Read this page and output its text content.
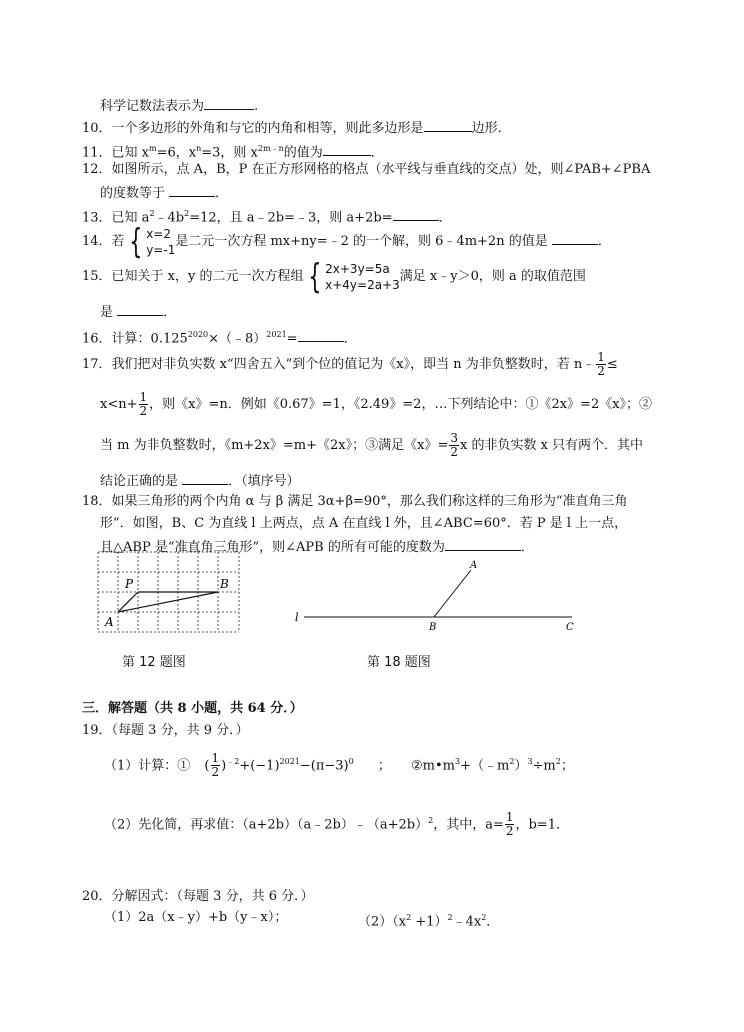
科学记数法表示为	.
10．一个多边形的外角和与它的内角和相等，则此多边形是	边形．
11．已知 $x^m=6$，$x^n=3$，则 $x^{2m﹣n}$的值为	．
12．如图所示，点 A，B，P 在正方形网格的格点（水平线与垂直线的交点）处，则∠PAB+∠PBA
的度数等于	．
13．已知 $a^2﹣4b^2=12$，且 a﹣2b=﹣3，则 a+2b=	．
14．若 { x=2
y=-1
是二元一次方程 mx+ny=﹣2 的一个解，则 6﹣4m+2n 的值是	．
15．已知关于 x，y 的二元一次方程组 { 2x+3y=5a
x+4y=2a+3
满足 x﹣y＞0，则 a 的取值范围
是	．
16．计算：$0.125^{2020}\times(﹣8)^{2021}=$	．
17．我们把对非负实数 x“四舍五入”到个位的值记为《x》，即当 n 为非负整数时，若 n﹣ $\frac{1}{2}$ ≤
$x<n+ \frac{1}{2}$ ，则《x》=n．例如《0.67》=1，《2.49》=2，…下列结论中：①《2x》=2《x》；②
当 m 为非负整数时，《m+2x》=m+《2x》；③满足《x》= $\frac{3}{2}$ x 的非负实数 x 只有两个．其中
结论正确的是	．（填序号）
18．如果三角形的两个内角 α 与 β 满足 3α+β=90°，那么我们称这样的三角形为“准直角三角
形”．如图，B、C 为直线 l 上两点，点 A 在直线 l 外，且∠ABC=60°．若 P 是 l 上一点，
且△ABP 是“准直角三角形”，则∠APB 的所有可能的度数为	．
P	B
A	l
B	C
A
第 12 题图	第 18 题图
三．解答题（共 8 小题，共 64 分．）
19．（每题 3 分，共 9 分．）
（1）计算：① ( $\frac{1}{2} )^{﹣2}+(-1)^{2021}-(\pi-3)^0$ ； $②m•m^3+(﹣m^2)^3\div m^2$；
（2）先化简，再求值：$(a+2b)(a﹣2b)﹣(a+2b)^2$，其中，$a= \frac{1}{2}$ ，b=1．
20．分解因式：（每题 3 分，共 6 分．）
（1）2a（x﹣y）+b（y﹣x）；	$(2)(x^2$ $+1)^2﹣4x^2$．
